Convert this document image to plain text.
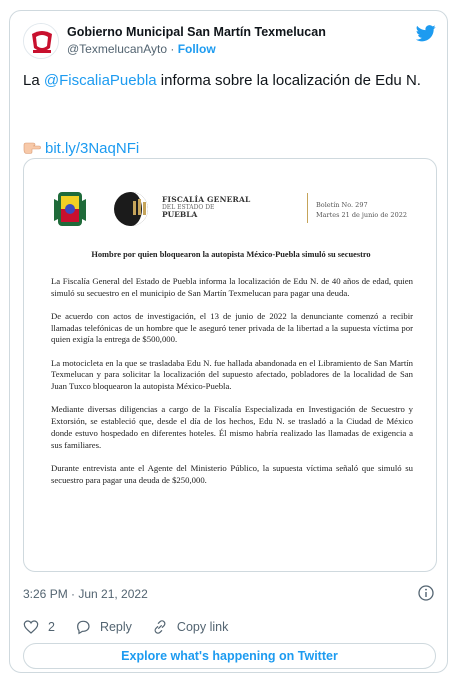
Gobierno Municipal San Martín Texmelucan
@TexmelucanAyto · Follow
La @FiscaliaPuebla informa sobre la localización de Edu N.
bit.ly/3NaqNFi
FISCALÍA GENERAL
DEL ESTADO DE
PUEBLA
Boletín No. 297
Martes 21 de junio de 2022
Hombre por quien bloquearon la autopista México-Puebla simuló su secuestro

La Fiscalía General del Estado de Puebla informa la localización de Edu N. de 40 años de edad, quien simuló su secuestro en el municipio de San Martín Texmelucan para pagar una deuda.

De acuerdo con actos de investigación, el 13 de junio de 2022 la denunciante comenzó a recibir llamadas telefónicas de un hombre que le aseguró tener privada de la libertad a la supuesta víctima por quien exigía la entrega de $500,000.

La motocicleta en la que se trasladaba Edu N. fue hallada abandonada en el Libramiento de San Martín Texmelucan y para solicitar la localización del supuesto afectado, pobladores de la localidad de San Juan Tuxco bloquearon la autopista México-Puebla.

Mediante diversas diligencias a cargo de la Fiscalía Especializada en Investigación de Secuestro y Extorsión, se estableció que, desde el día de los hechos, Edu N. se trasladó a la Ciudad de México donde estuvo hospedado en diferentes hoteles. Él mismo habría realizado las llamadas de exigencia a sus familiares.

Durante entrevista ante el Agente del Ministerio Público, la supuesta víctima señaló que simuló su secuestro para pagar una deuda de $250,000.

3:26 PM · Jun 21, 2022
2	Reply	Copy link
Explore what's happening on Twitter
